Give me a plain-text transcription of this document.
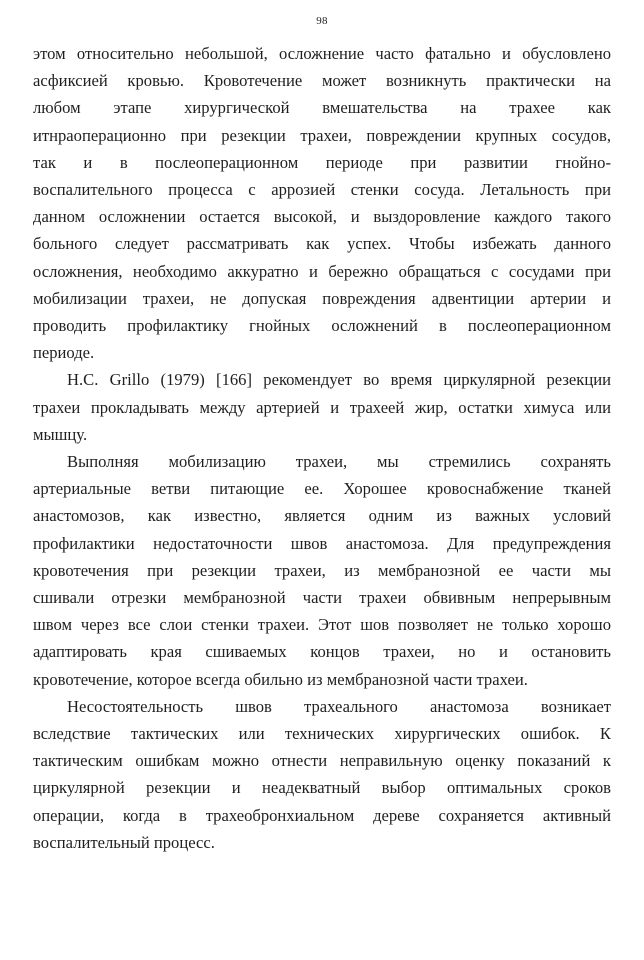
98
этом относительно небольшой, осложнение часто фатально и обусловлено
асфиксией кровью. Кровотечение может возникнуть практически на
любом этапе хирургической вмешательства на трахее как
итнраоперационно при резекции трахеи, повреждении крупных сосудов,
так и в послеоперационном периоде при развитии гнойно-
воспалительного процесса с аррозией стенки сосуда. Летальность при
данном осложнении остается высокой, и выздоровление каждого такого
больного следует рассматривать как успех. Чтобы избежать данного
осложнения, необходимо аккуратно и бережно обращаться с сосудами при
мобилизации трахеи, не допуская повреждения адвентиции артерии и
проводить профилактику гнойных осложнений в послеоперационном
периоде.
H.C. Grillo (1979) [166] рекомендует во время циркулярной резекции
трахеи прокладывать между артерией и трахеей жир, остатки химуса или
мышцу.
Выполняя мобилизацию трахеи, мы стремились сохранять
артериальные ветви питающие ее. Хорошее кровоснабжение тканей
анастомозов, как известно, является одним из важных условий
профилактики недостаточности швов анастомоза. Для предупреждения
кровотечения при резекции трахеи, из мембранозной ее части мы
сшивали отрезки мембранозной части трахеи обвивным непрерывным
швом через все слои стенки трахеи. Этот шов позволяет не только хорошо
адаптировать края сшиваемых концов трахеи, но и остановить
кровотечение, которое всегда обильно из мембранозной части трахеи.
Несостоятельность швов трахеального анастомоза возникает
вследствие тактических или технических хирургических ошибок. К
тактическим ошибкам можно отнести неправильную оценку показаний к
циркулярной резекции и неадекватный выбор оптимальных сроков
операции, когда в трахеобронхиальном дереве сохраняется активный
воспалительный процесс.
